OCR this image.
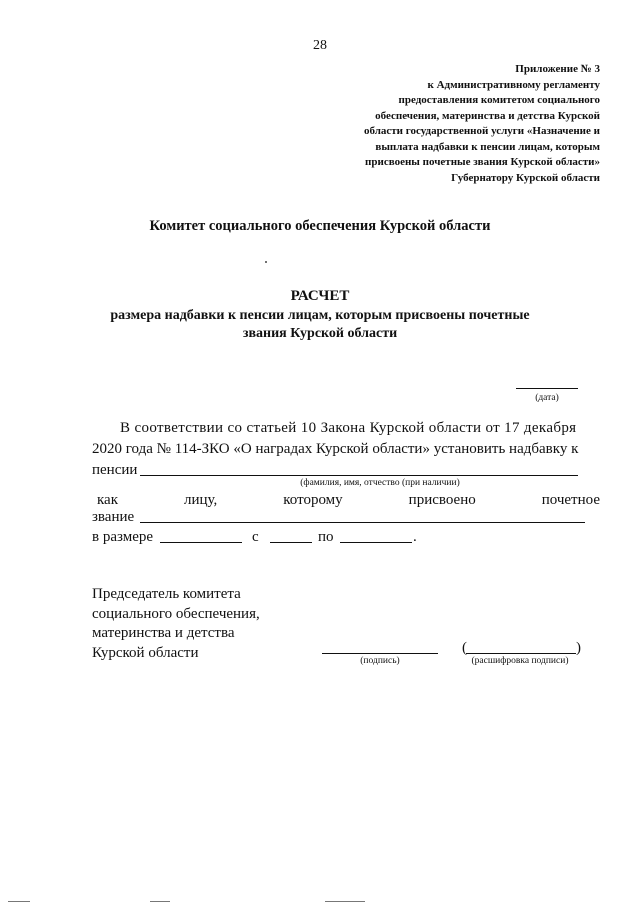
28
Приложение № 3
к Административному регламенту
предоставления комитетом социального
обеспечения, материнства и детства Курской
области государственной услуги «Назначение и
выплата надбавки к пенсии лицам, которым
присвоены почетные звания Курской области»
Губернатору Курской области
Комитет социального обеспечения Курской области
РАСЧЕТ
размера надбавки к пенсии лицам, которым присвоены почетные звания Курской области
(дата)
В соответствии со статьей 10 Закона Курской области от 17 декабря
2020 года № 114-ЗКО «О наградах Курской области» установить надбавку к
пенсии
(фамилия, имя, отчество (при наличии)
как	лицу,	которому	присвоено	почетное
звание
в размере	с	по	.
Председатель комитета
социального обеспечения,
материнства и детства
Курской области
(подпись)
(	)
(расшифровка подписи)
